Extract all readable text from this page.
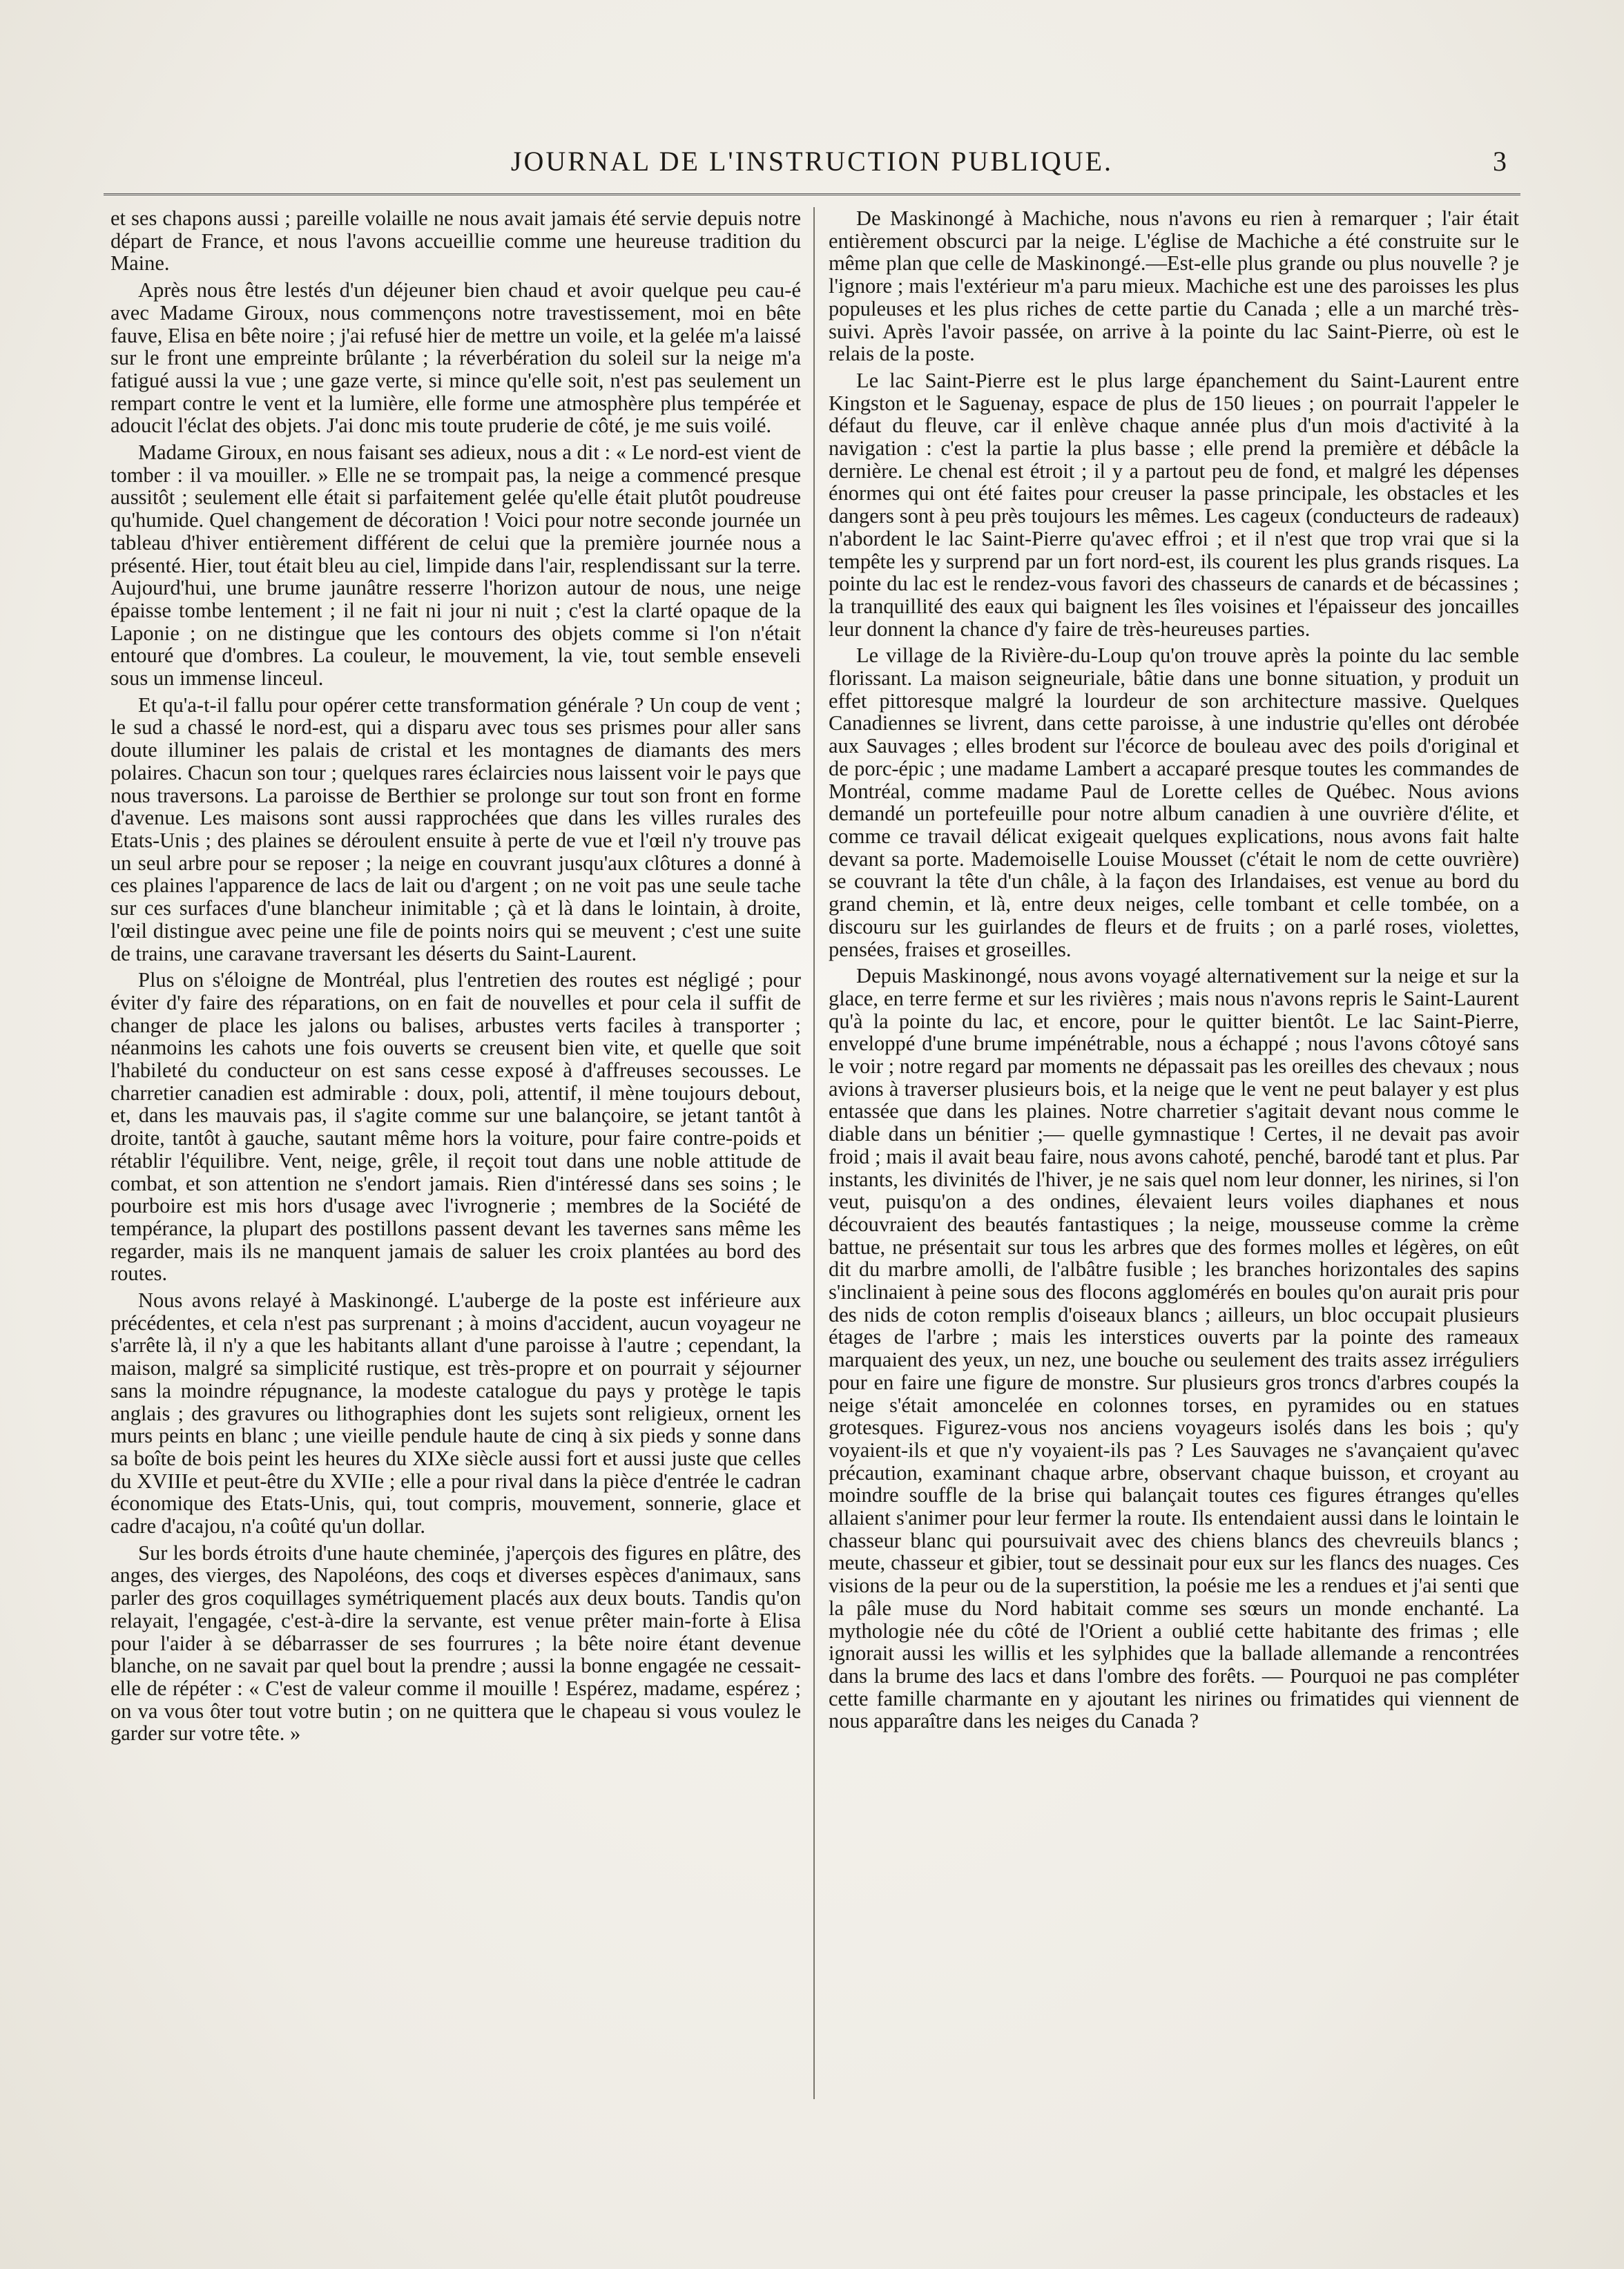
JOURNAL DE L'INSTRUCTION PUBLIQUE.	3

et ses chapons aussi ; pareille volaille ne nous avait jamais été servie depuis notre départ de France, et nous l'avons accueillie comme une heureuse tradition du Maine.

Après nous être lestés d'un déjeuner bien chaud et avoir quelque peu cau-é avec Madame Giroux, nous commençons notre travestissement, moi en bête fauve, Elisa en bête noire ; j'ai refusé hier de mettre un voile, et la gelée m'a laissé sur le front une empreinte brûlante ; la réverbération du soleil sur la neige m'a fatigué aussi la vue ; une gaze verte, si mince qu'elle soit, n'est pas seulement un rempart contre le vent et la lumière, elle forme une atmosphère plus tempérée et adoucit l'éclat des objets. J'ai donc mis toute pruderie de côté, je me suis voilé.

Madame Giroux, en nous faisant ses adieux, nous a dit : « Le nord-est vient de tomber : il va mouiller. » Elle ne se trompait pas, la neige a commencé presque aussitôt ; seulement elle était si parfaitement gelée qu'elle était plutôt poudreuse qu'humide. Quel changement de décoration ! Voici pour notre seconde journée un tableau d'hiver entièrement différent de celui que la première journée nous a présenté. Hier, tout était bleu au ciel, limpide dans l'air, resplendissant sur la terre. Aujourd'hui, une brume jaunâtre resserre l'horizon autour de nous, une neige épaisse tombe lentement ; il ne fait ni jour ni nuit ; c'est la clarté opaque de la Laponie ; on ne distingue que les contours des objets comme si l'on n'était entouré que d'ombres. La couleur, le mouvement, la vie, tout semble enseveli sous un immense linceul.

Et qu'a-t-il fallu pour opérer cette transformation générale ? Un coup de vent ; le sud a chassé le nord-est, qui a disparu avec tous ses prismes pour aller sans doute illuminer les palais de cristal et les montagnes de diamants des mers polaires. Chacun son tour ; quelques rares éclaircies nous laissent voir le pays que nous traversons. La paroisse de Berthier se prolonge sur tout son front en forme d'avenue. Les maisons sont aussi rapprochées que dans les villes rurales des Etats-Unis ; des plaines se déroulent ensuite à perte de vue et l'œil n'y trouve pas un seul arbre pour se reposer ; la neige en couvrant jusqu'aux clôtures a donné à ces plaines l'apparence de lacs de lait ou d'argent ; on ne voit pas une seule tache sur ces surfaces d'une blancheur inimitable ; çà et là dans le lointain, à droite, l'œil distingue avec peine une file de points noirs qui se meuvent ; c'est une suite de trains, une caravane traversant les déserts du Saint-Laurent.

Plus on s'éloigne de Montréal, plus l'entretien des routes est négligé ; pour éviter d'y faire des réparations, on en fait de nouvelles et pour cela il suffit de changer de place les jalons ou balises, arbustes verts faciles à transporter ; néanmoins les cahots une fois ouverts se creusent bien vite, et quelle que soit l'habileté du conducteur on est sans cesse exposé à d'affreuses secousses. Le charretier canadien est admirable : doux, poli, attentif, il mène toujours debout, et, dans les mauvais pas, il s'agite comme sur une balançoire, se jetant tantôt à droite, tantôt à gauche, sautant même hors la voiture, pour faire contre-poids et rétablir l'équilibre. Vent, neige, grêle, il reçoit tout dans une noble attitude de combat, et son attention ne s'endort jamais. Rien d'intéressé dans ses soins ; le pourboire est mis hors d'usage avec l'ivrognerie ; membres de la Société de tempérance, la plupart des postillons passent devant les tavernes sans même les regarder, mais ils ne manquent jamais de saluer les croix plantées au bord des routes.

Nous avons relayé à Maskinongé. L'auberge de la poste est inférieure aux précédentes, et cela n'est pas surprenant ; à moins d'accident, aucun voyageur ne s'arrête là, il n'y a que les habitants allant d'une paroisse à l'autre ; cependant, la maison, malgré sa simplicité rustique, est très-propre et on pourrait y séjourner sans la moindre répugnance, la modeste catalogue du pays y protège le tapis anglais ; des gravures ou lithographies dont les sujets sont religieux, ornent les murs peints en blanc ; une vieille pendule haute de cinq à six pieds y sonne dans sa boîte de bois peint les heures du XIXe siècle aussi fort et aussi juste que celles du XVIIIe et peut-être du XVIIe ; elle a pour rival dans la pièce d'entrée le cadran économique des Etats-Unis, qui, tout compris, mouvement, sonnerie, glace et cadre d'acajou, n'a coûté qu'un dollar.

Sur les bords étroits d'une haute cheminée, j'aperçois des figures en plâtre, des anges, des vierges, des Napoléons, des coqs et diverses espèces d'animaux, sans parler des gros coquillages symétriquement placés aux deux bouts. Tandis qu'on relayait, l'engagée, c'est-à-dire la servante, est venue prêter main-forte à Elisa pour l'aider à se débarrasser de ses fourrures ; la bête noire étant devenue blanche, on ne savait par quel bout la prendre ; aussi la bonne engagée ne cessait-elle de répéter : « C'est de valeur comme il mouille ! Espérez, madame, espérez ; on va vous ôter tout votre butin ; on ne quittera que le chapeau si vous voulez le garder sur votre tête. »

De Maskinongé à Machiche, nous n'avons eu rien à remarquer ; l'air était entièrement obscurci par la neige. L'église de Machiche a été construite sur le même plan que celle de Maskinongé.—Est-elle plus grande ou plus nouvelle ? je l'ignore ; mais l'extérieur m'a paru mieux. Machiche est une des paroisses les plus populeuses et les plus riches de cette partie du Canada ; elle a un marché très-suivi. Après l'avoir passée, on arrive à la pointe du lac Saint-Pierre, où est le relais de la poste.

Le lac Saint-Pierre est le plus large épanchement du Saint-Laurent entre Kingston et le Saguenay, espace de plus de 150 lieues ; on pourrait l'appeler le défaut du fleuve, car il enlève chaque année plus d'un mois d'activité à la navigation : c'est la partie la plus basse ; elle prend la première et débâcle la dernière. Le chenal est étroit ; il y a partout peu de fond, et malgré les dépenses énormes qui ont été faites pour creuser la passe principale, les obstacles et les dangers sont à peu près toujours les mêmes. Les cageux (conducteurs de radeaux) n'abordent le lac Saint-Pierre qu'avec effroi ; et il n'est que trop vrai que si la tempête les y surprend par un fort nord-est, ils courent les plus grands risques. La pointe du lac est le rendez-vous favori des chasseurs de canards et de bécassines ; la tranquillité des eaux qui baignent les îles voisines et l'épaisseur des joncailles leur donnent la chance d'y faire de très-heureuses parties.

Le village de la Rivière-du-Loup qu'on trouve après la pointe du lac semble florissant. La maison seigneuriale, bâtie dans une bonne situation, y produit un effet pittoresque malgré la lourdeur de son architecture massive. Quelques Canadiennes se livrent, dans cette paroisse, à une industrie qu'elles ont dérobée aux Sauvages ; elles brodent sur l'écorce de bouleau avec des poils d'original et de porc-épic ; une madame Lambert a accaparé presque toutes les commandes de Montréal, comme madame Paul de Lorette celles de Québec. Nous avions demandé un portefeuille pour notre album canadien à une ouvrière d'élite, et comme ce travail délicat exigeait quelques explications, nous avons fait halte devant sa porte. Mademoiselle Louise Mousset (c'était le nom de cette ouvrière) se couvrant la tête d'un châle, à la façon des Irlandaises, est venue au bord du grand chemin, et là, entre deux neiges, celle tombant et celle tombée, on a discouru sur les guirlandes de fleurs et de fruits ; on a parlé roses, violettes, pensées, fraises et groseilles.

Depuis Maskinongé, nous avons voyagé alternativement sur la neige et sur la glace, en terre ferme et sur les rivières ; mais nous n'avons repris le Saint-Laurent qu'à la pointe du lac, et encore, pour le quitter bientôt. Le lac Saint-Pierre, enveloppé d'une brume impénétrable, nous a échappé ; nous l'avons côtoyé sans le voir ; notre regard par moments ne dépassait pas les oreilles des chevaux ; nous avions à traverser plusieurs bois, et la neige que le vent ne peut balayer y est plus entassée que dans les plaines. Notre charretier s'agitait devant nous comme le diable dans un bénitier ;— quelle gymnastique ! Certes, il ne devait pas avoir froid ; mais il avait beau faire, nous avons cahoté, penché, barodé tant et plus. Par instants, les divinités de l'hiver, je ne sais quel nom leur donner, les nirines, si l'on veut, puisqu'on a des ondines, élevaient leurs voiles diaphanes et nous découvraient des beautés fantastiques ; la neige, mousseuse comme la crème battue, ne présentait sur tous les arbres que des formes molles et légères, on eût dit du marbre amolli, de l'albâtre fusible ; les branches horizontales des sapins s'inclinaient à peine sous des flocons agglomérés en boules qu'on aurait pris pour des nids de coton remplis d'oiseaux blancs ; ailleurs, un bloc occupait plusieurs étages de l'arbre ; mais les interstices ouverts par la pointe des rameaux marquaient des yeux, un nez, une bouche ou seulement des traits assez irréguliers pour en faire une figure de monstre. Sur plusieurs gros troncs d'arbres coupés la neige s'était amoncelée en colonnes torses, en pyramides ou en statues grotesques. Figurez-vous nos anciens voyageurs isolés dans les bois ; qu'y voyaient-ils et que n'y voyaient-ils pas ? Les Sauvages ne s'avançaient qu'avec précaution, examinant chaque arbre, observant chaque buisson, et croyant au moindre souffle de la brise qui balançait toutes ces figures étranges qu'elles allaient s'animer pour leur fermer la route. Ils entendaient aussi dans le lointain le chasseur blanc qui poursuivait avec des chiens blancs des chevreuils blancs ; meute, chasseur et gibier, tout se dessinait pour eux sur les flancs des nuages. Ces visions de la peur ou de la superstition, la poésie me les a rendues et j'ai senti que la pâle muse du Nord habitait comme ses sœurs un monde enchanté. La mythologie née du côté de l'Orient a oublié cette habitante des frimas ; elle ignorait aussi les willis et les sylphides que la ballade allemande a rencontrées dans la brume des lacs et dans l'ombre des forêts. — Pourquoi ne pas compléter cette famille charmante en y ajoutant les nirines ou frimatides qui viennent de nous apparaître dans les neiges du Canada ?
